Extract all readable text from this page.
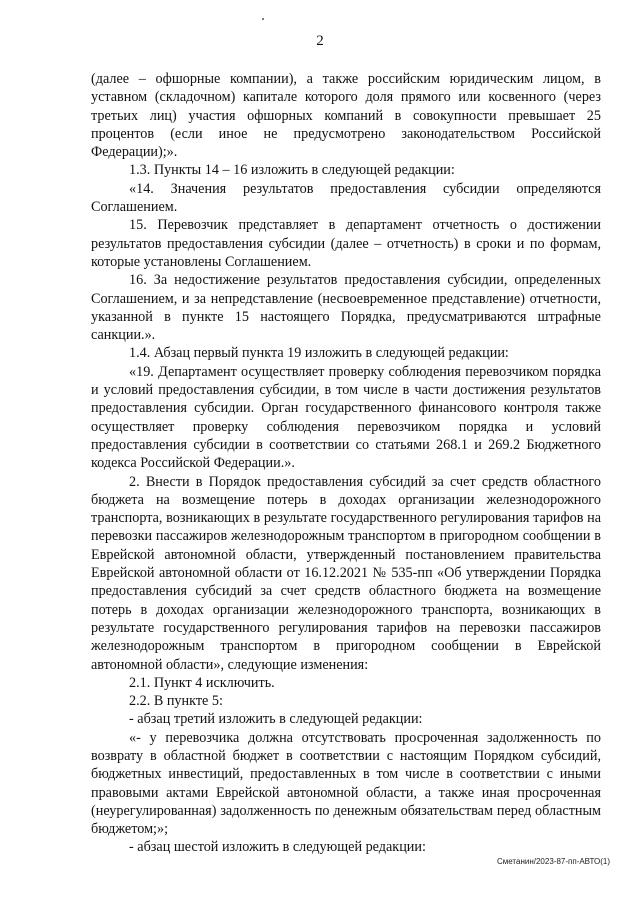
2

(далее – офшорные компании), а также российским юридическим лицом, в уставном (складочном) капитале которого доля прямого или косвенного (через третьих лиц) участия офшорных компаний в совокупности превышает 25 процентов (если иное не предусмотрено законодательством Российской Федерации);».

1.3. Пункты 14 – 16 изложить в следующей редакции:

«14. Значения результатов предоставления субсидии определяются Соглашением.

15. Перевозчик представляет в департамент отчетность о достижении результатов предоставления субсидии (далее – отчетность) в сроки и по формам, которые установлены Соглашением.

16. За недостижение результатов предоставления субсидии, определенных Соглашением, и за непредставление (несвоевременное представление) отчетности, указанной в пункте 15 настоящего Порядка, предусматриваются штрафные санкции.».

1.4. Абзац первый пункта 19 изложить в следующей редакции:

«19. Департамент осуществляет проверку соблюдения перевозчиком порядка и условий предоставления субсидии, в том числе в части достижения результатов предоставления субсидии. Орган государственного финансового контроля также осуществляет проверку соблюдения перевозчиком порядка и условий предоставления субсидии в соответствии со статьями 268.1 и 269.2 Бюджетного кодекса Российской Федерации.».

2. Внести в Порядок предоставления субсидий за счет средств областного бюджета на возмещение потерь в доходах организации железнодорожного транспорта, возникающих в результате государственного регулирования тарифов на перевозки пассажиров железнодорожным транспортом в пригородном сообщении в Еврейской автономной области, утвержденный постановлением правительства Еврейской автономной области от 16.12.2021 № 535-пп «Об утверждении Порядка предоставления субсидий за счет средств областного бюджета на возмещение потерь в доходах организации железнодорожного транспорта, возникающих в результате государственного регулирования тарифов на перевозки пассажиров железнодорожным транспортом в пригородном сообщении в Еврейской автономной области», следующие изменения:

2.1. Пункт 4 исключить.

2.2. В пункте 5:

- абзац третий изложить в следующей редакции:

«- у перевозчика должна отсутствовать просроченная задолженность по возврату в областной бюджет в соответствии с настоящим Порядком субсидий, бюджетных инвестиций, предоставленных в том числе в соответствии с иными правовыми актами Еврейской автономной области, а также иная просроченная (неурегулированная) задолженность по денежным обязательствам перед областным бюджетом;»;

- абзац шестой изложить в следующей редакции:

Сметанин/2023-87-пп-АВТО(1)
